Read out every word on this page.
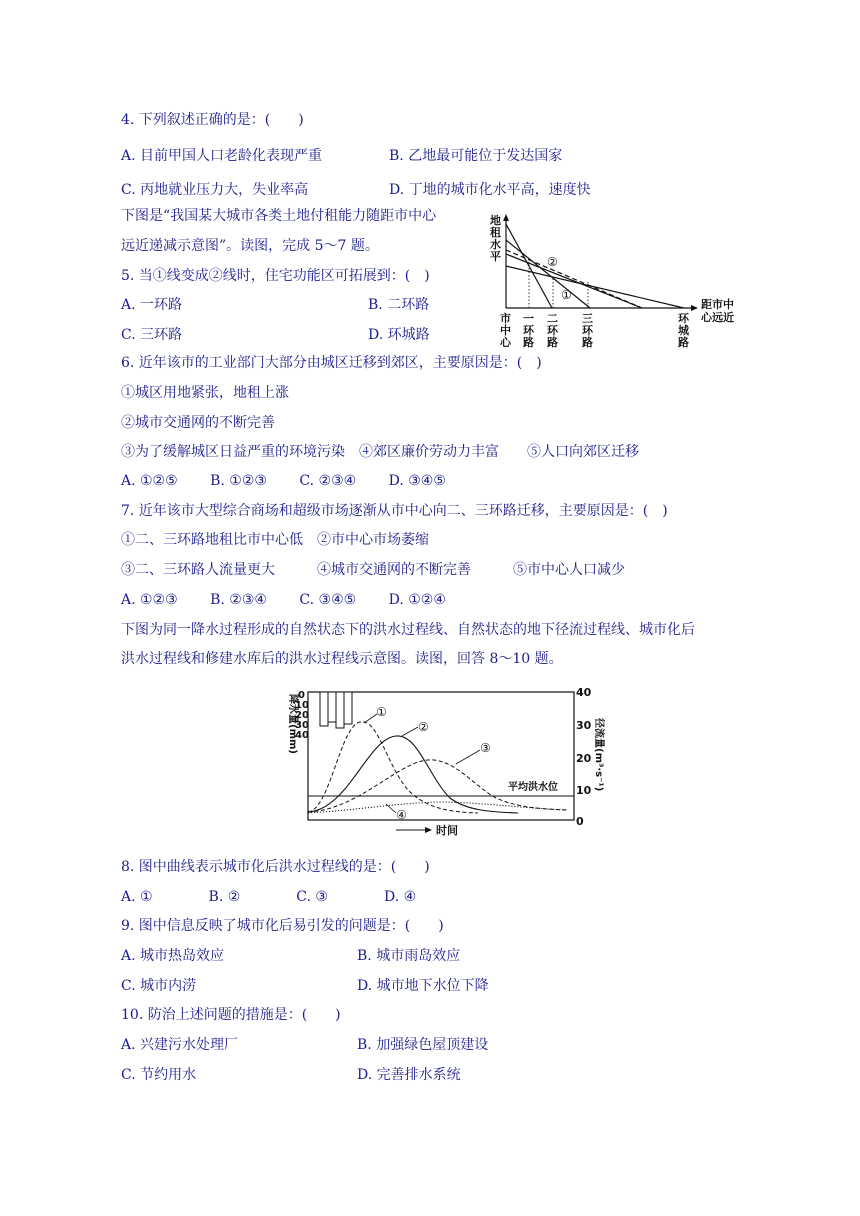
4. 下列叙述正确的是：(　　)
A. 目前甲国人口老龄化表现严重	B. 乙地最可能位于发达国家
C. 丙地就业压力大，失业率高	D. 丁地的城市化水平高，速度快
下图是“我国某大城市各类土地付租能力随距市中心
远近递减示意图”。读图，完成 5～7 题。
5. 当①线变成②线时，住宅功能区可拓展到：(　)
A. 一环路	B. 二环路
C. 三环路	D. 环城路
地
租
水
平
距市中
心远近
②
①
市
中
心
一
环
路
二
环
路
三
环
路
环
城
路
6. 近年该市的工业部门大部分由城区迁移到郊区，主要原因是：(　)
①城区用地紧张，地租上涨
②城市交通网的不断完善
③为了缓解城区日益严重的环境污染　④郊区廉价劳动力丰富　　⑤人口向郊区迁移
A. ①②⑤　　 B. ①②③　　 C. ②③④　　 D. ③④⑤
7. 近年该市大型综合商场和超级市场逐渐从市中心向二、三环路迁移，主要原因是：(　)
①二、三环路地租比市中心低　②市中心市场萎缩
③二、三环路人流量更大　　　④城市交通网的不断完善　　　⑤市中心人口减少
A. ①②③　　 B. ②③④　　 C. ③④⑤　　 D. ①②④
下图为同一降水过程形成的自然状态下的洪水过程线、自然状态的地下径流过程线、城市化后
洪水过程线和修建水库后的洪水过程线示意图。读图，回答 8～10 题。
降水量(mm) 0
10
20
30
40
40
30
20
10
0
径流量(m³·s⁻¹)
平均洪水位
①
②
③
④
时间
8. 图中曲线表示城市化后洪水过程线的是：(　　)
A. ①　　　　B. ②　　　　C. ③　　　　D. ④
9. 图中信息反映了城市化后易引发的问题是：(　　)
A. 城市热岛效应	B. 城市雨岛效应
C. 城市内涝	D. 城市地下水位下降
10. 防治上述问题的措施是：(　　)
A. 兴建污水处理厂	B. 加强绿色屋顶建设
C. 节约用水	D. 完善排水系统
